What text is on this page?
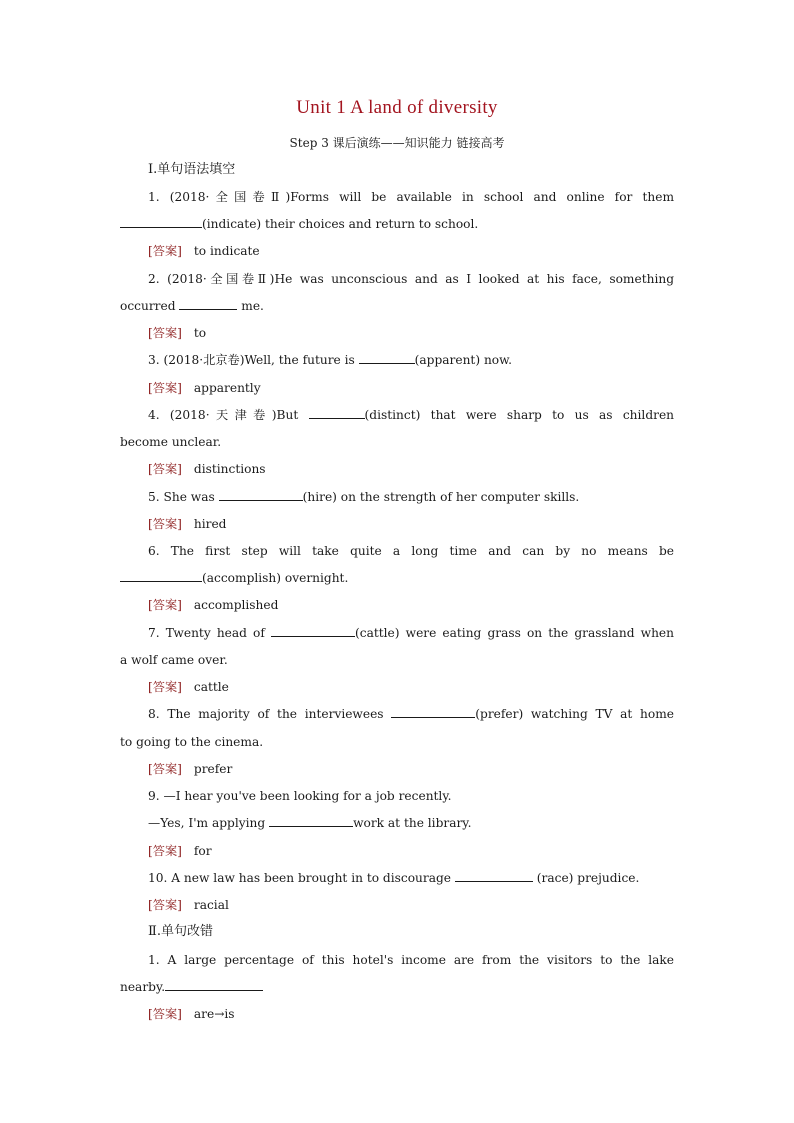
Unit 1 A land of diversity
Step 3 课后演练——知识能力 链接高考
Ⅰ.单句语法填空
1. (2018·全国卷Ⅱ)Forms will be available in school and online for them
(indicate) their choices and return to school.
[答案] to indicate
2. (2018·全国卷Ⅱ)He was unconscious and as I looked at his face, something
occurred	me.
[答案] to
3. (2018·北京卷)Well, the future is	(apparent) now.
[答案] apparently
4. (2018·天津卷)But	(distinct) that were sharp to us as children
become unclear.
[答案] distinctions
5. She was	(hire) on the strength of her computer skills.
[答案] hired
6. The first step will take quite a long time and can by no means be
(accomplish) overnight.
[答案] accomplished
7. Twenty head of	(cattle) were eating grass on the grassland when
a wolf came over.
[答案] cattle
8. The majority of the interviewees	(prefer) watching TV at home
to going to the cinema.
[答案] prefer
9. —I hear you've been looking for a job recently.
—Yes, I'm applying	work at the library.
[答案] for
10. A new law has been brought in to discourage	(race) prejudice.
[答案] racial
Ⅱ.单句改错
1. A large percentage of this hotel's income are from the visitors to the lake
nearby.
[答案] are→is
